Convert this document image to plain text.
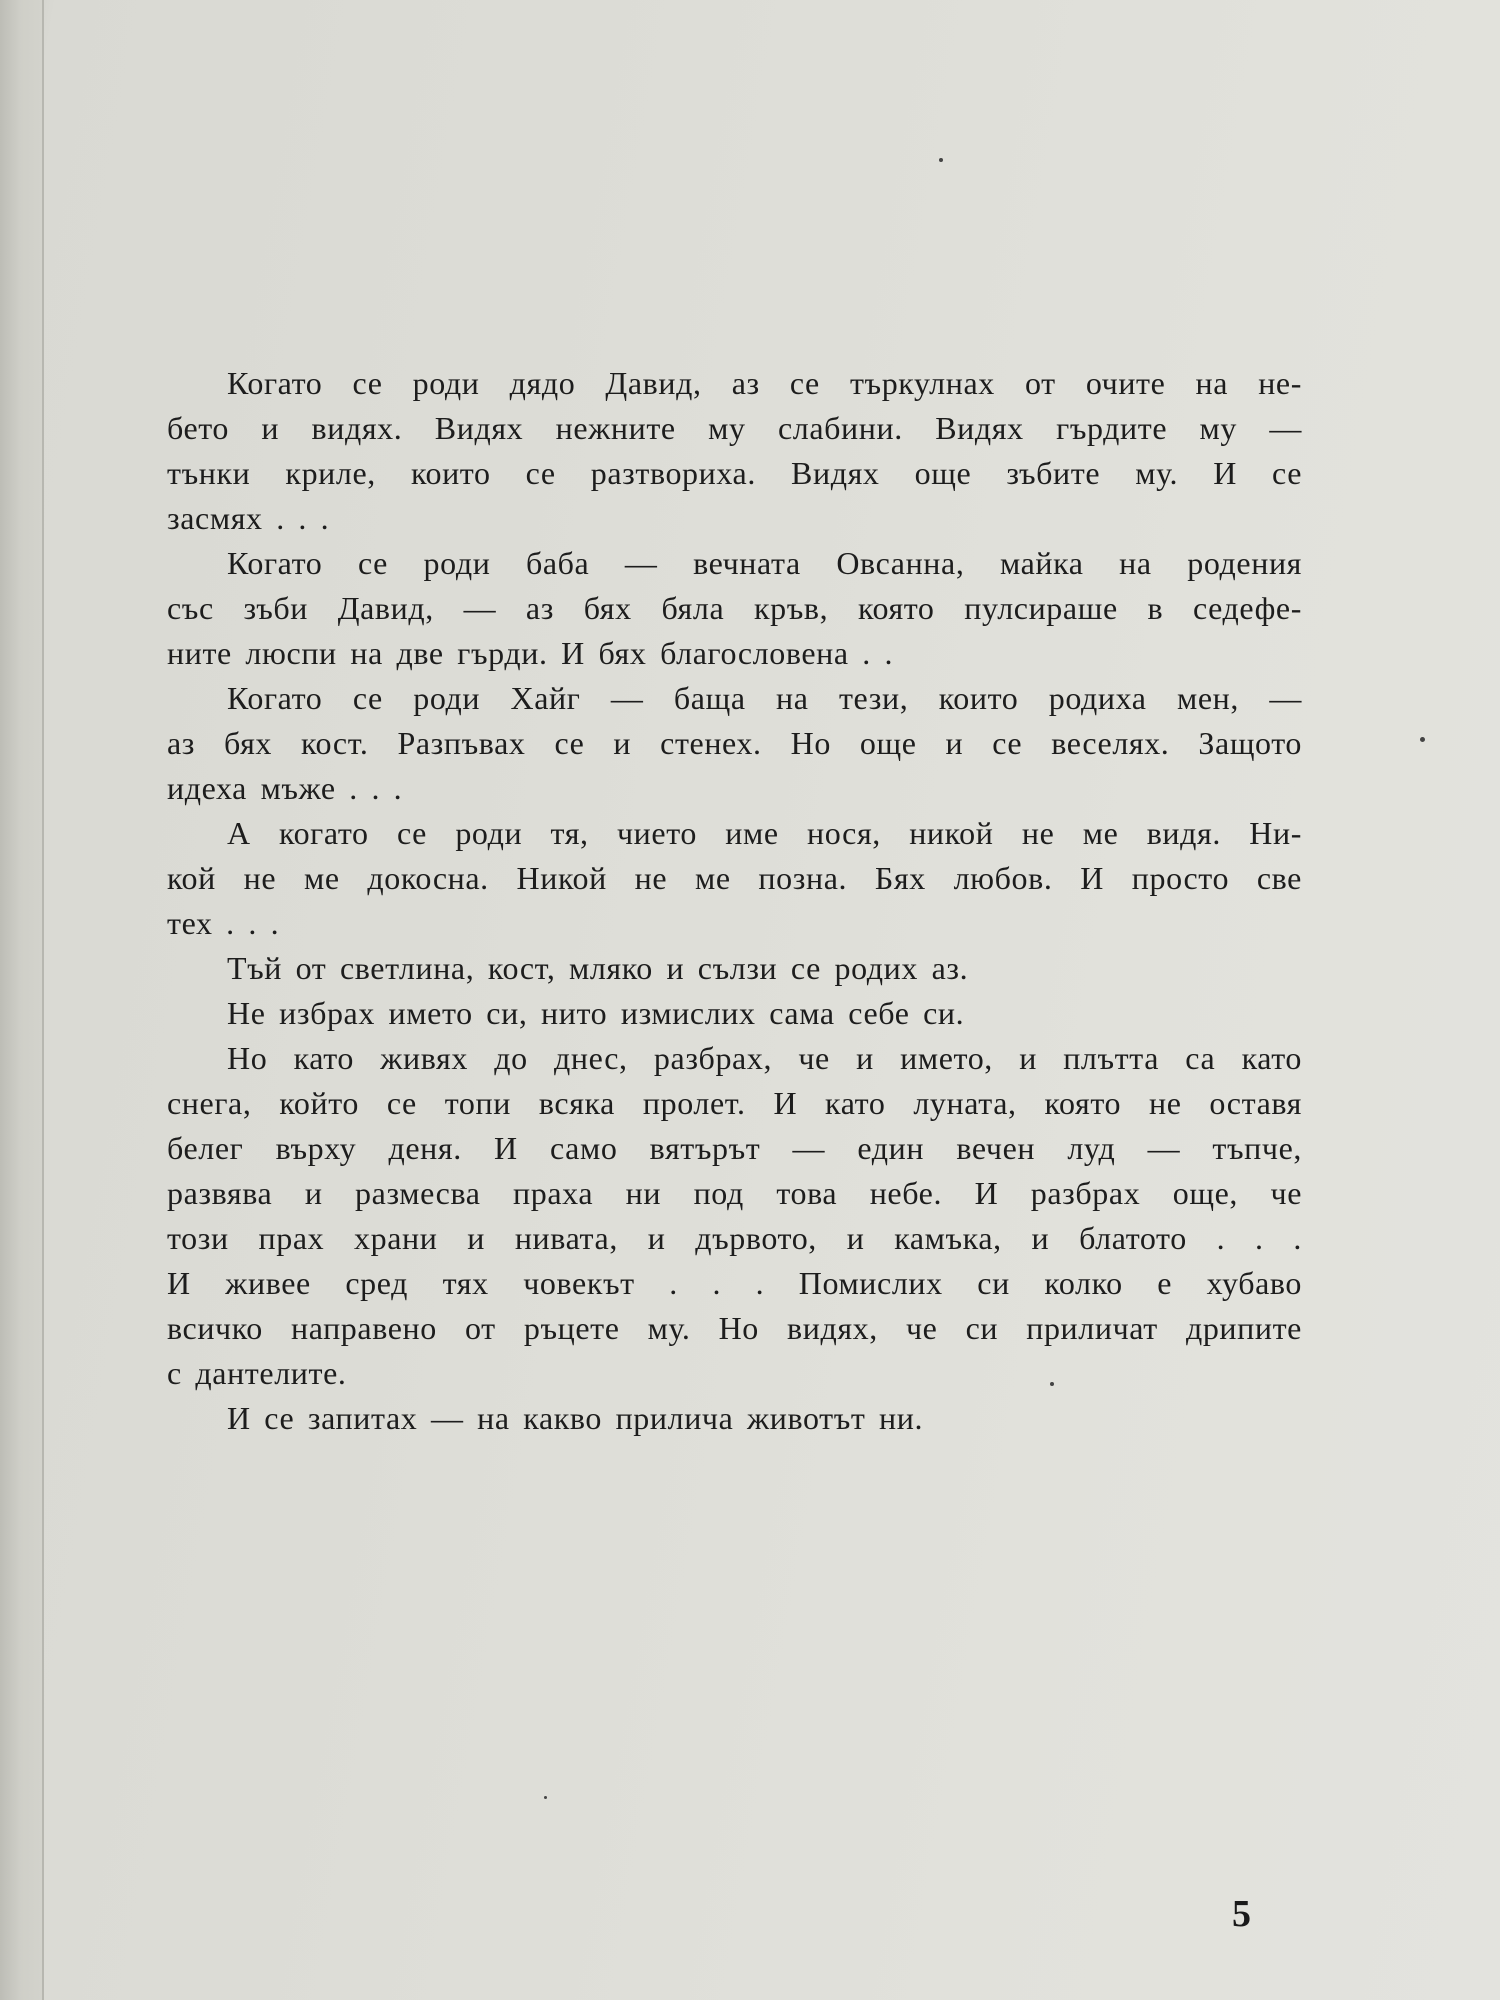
Когато се роди дядо Давид, аз се търкулнах от очите на не-
бето и видях. Видях нежните му слабини. Видях гърдите му —
тънки криле, които се разтвориха. Видях още зъбите му. И се
засмях . . .
Когато се роди баба — вечната Овсанна, майка на родения
със зъби Давид, — аз бях бяла кръв, която пулсираше в седефе-
ните люспи на две гърди. И бях благословена . .
Когато се роди Хайг — баща на тези, които родиха мен, —
аз бях кост. Разпъвах се и стенех. Но още и се веселях. Защото
идеха мъже . . .
А когато се роди тя, чието име нося, никой не ме видя. Ни-
кой не ме докосна. Никой не ме позна. Бях любов. И просто све
тех . . .
Тъй от светлина, кост, мляко и сълзи се родих аз.
Не избрах името си, нито измислих сама себе си.
Но като живях до днес, разбрах, че и името, и плътта са като
снега, който се топи всяка пролет. И като луната, която не оставя
белег върху деня. И само вятърът — един вечен луд — тъпче,
развява и размесва праха ни под това небе. И разбрах още, че
този прах храни и нивата, и дървото, и камъка, и блатото . . .
И живее сред тях човекът . . . Помислих си колко е хубаво
всичко направено от ръцете му. Но видях, че си приличат дрипите
с дантелите.
И се запитах — на какво прилича животът ни.
5
